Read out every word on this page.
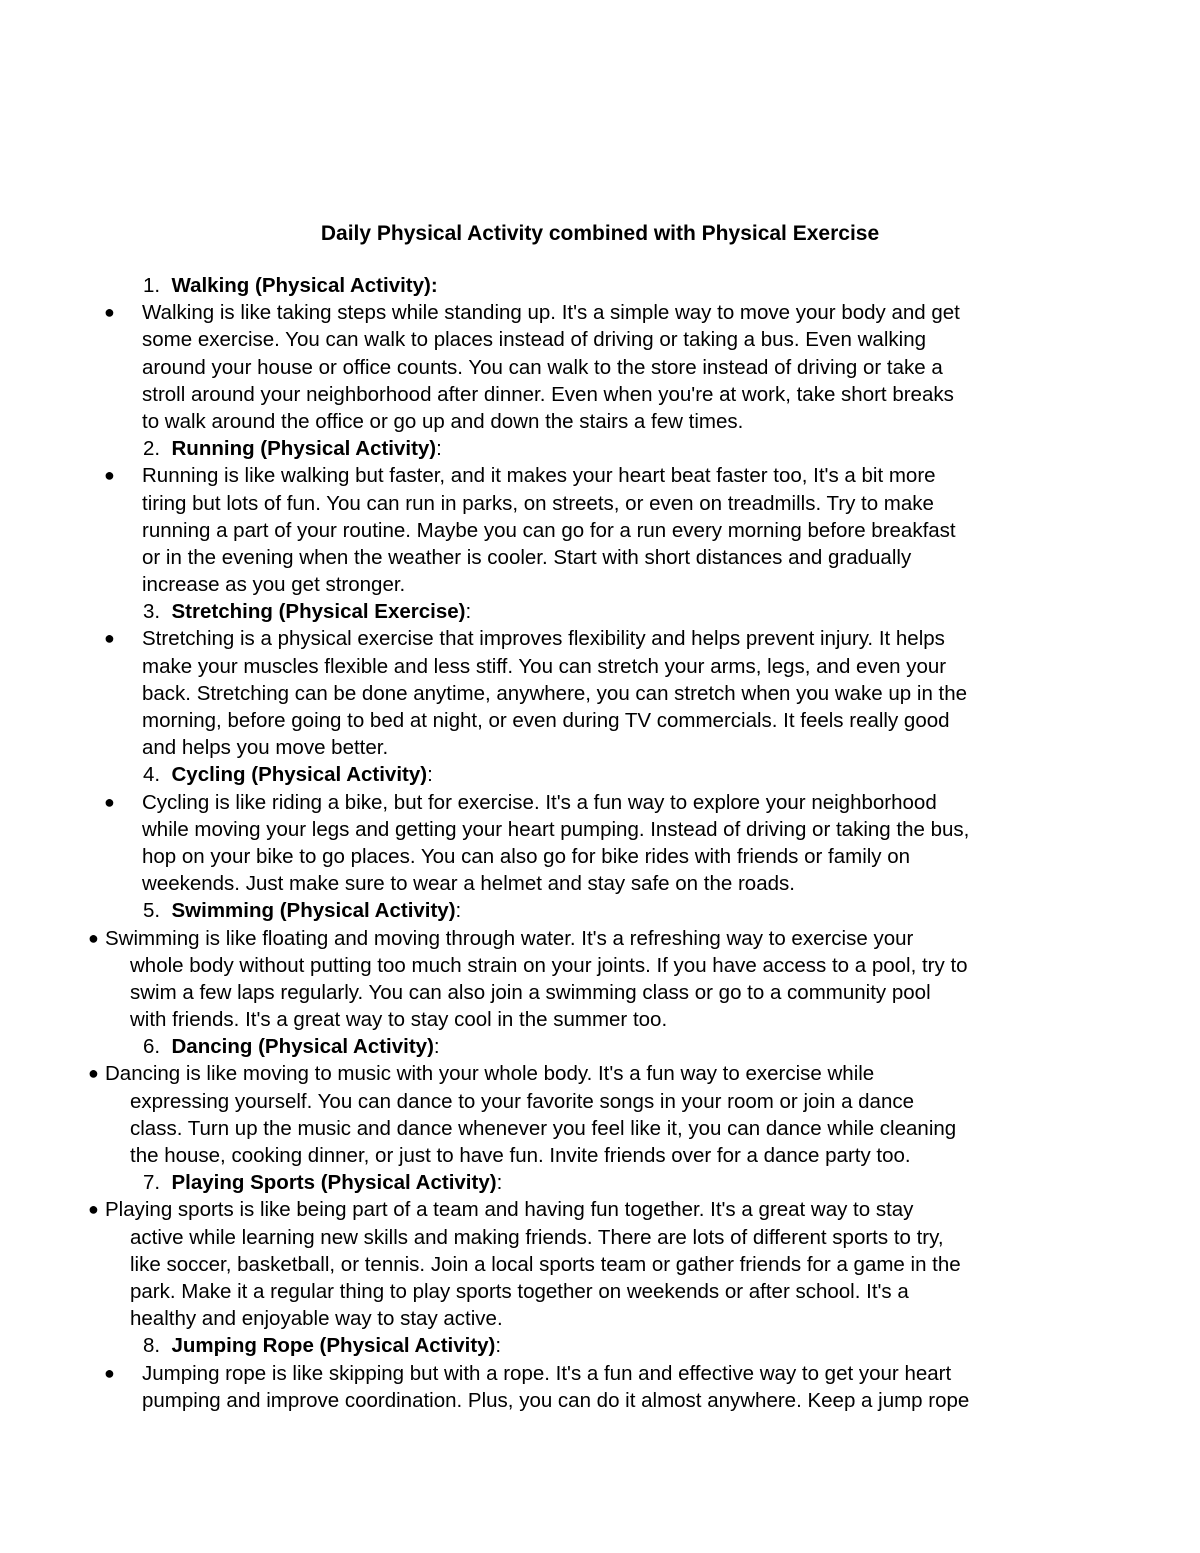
Daily Physical Activity combined with Physical Exercise
1.  Walking (Physical Activity):
● Walking is like taking steps while standing up. It's a simple way to move your body and get
some exercise. You can walk to places instead of driving or taking a bus. Even walking
around your house or office counts. You can walk to the store instead of driving or take a
stroll around your neighborhood after dinner. Even when you're at work, take short breaks
to walk around the office or go up and down the stairs a few times.
2.  Running (Physical Activity):
● Running is like walking but faster, and it makes your heart beat faster too, It's a bit more
tiring but lots of fun. You can run in parks, on streets, or even on treadmills. Try to make
running a part of your routine. Maybe you can go for a run every morning before breakfast
or in the evening when the weather is cooler. Start with short distances and gradually
increase as you get stronger.
3.  Stretching (Physical Exercise):
● Stretching is a physical exercise that improves flexibility and helps prevent injury. It helps
make your muscles flexible and less stiff. You can stretch your arms, legs, and even your
back. Stretching can be done anytime, anywhere, you can stretch when you wake up in the
morning, before going to bed at night, or even during TV commercials. It feels really good
and helps you move better.
4.  Cycling (Physical Activity):
● Cycling is like riding a bike, but for exercise. It's a fun way to explore your neighborhood
while moving your legs and getting your heart pumping. Instead of driving or taking the bus,
hop on your bike to go places. You can also go for bike rides with friends or family on
weekends. Just make sure to wear a helmet and stay safe on the roads.
5.  Swimming (Physical Activity):
● Swimming is like floating and moving through water. It's a refreshing way to exercise your
whole body without putting too much strain on your joints. If you have access to a pool, try to
swim a few laps regularly. You can also join a swimming class or go to a community pool
with friends. It's a great way to stay cool in the summer too.
6.  Dancing (Physical Activity):
● Dancing is like moving to music with your whole body. It's a fun way to exercise while
expressing yourself. You can dance to your favorite songs in your room or join a dance
class. Turn up the music and dance whenever you feel like it, you can dance while cleaning
the house, cooking dinner, or just to have fun. Invite friends over for a dance party too.
7.  Playing Sports (Physical Activity):
● Playing sports is like being part of a team and having fun together. It's a great way to stay
active while learning new skills and making friends. There are lots of different sports to try,
like soccer, basketball, or tennis. Join a local sports team or gather friends for a game in the
park. Make it a regular thing to play sports together on weekends or after school. It's a
healthy and enjoyable way to stay active.
8.  Jumping Rope (Physical Activity):
● Jumping rope is like skipping but with a rope. It's a fun and effective way to get your heart
pumping and improve coordination. Plus, you can do it almost anywhere. Keep a jump rope
